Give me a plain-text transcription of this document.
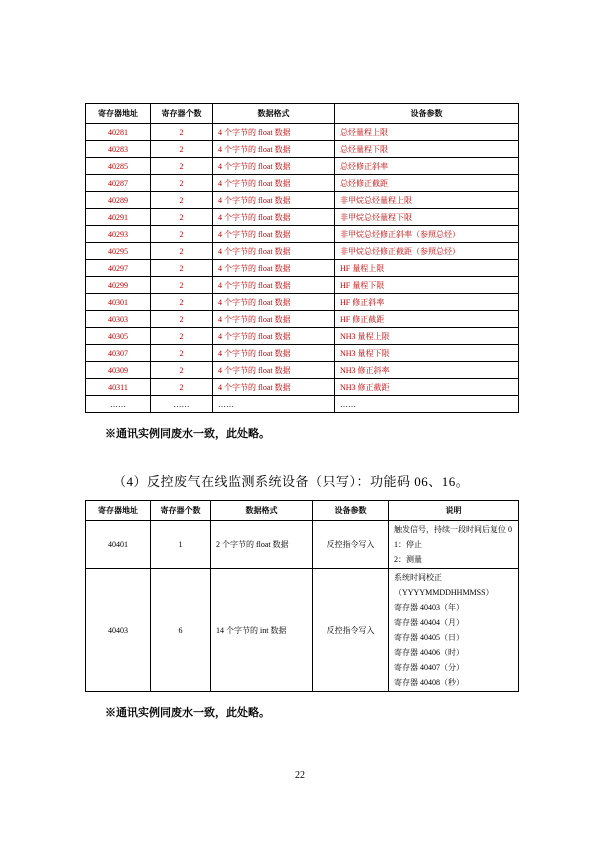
寄存器地址	寄存器个数	数据格式	设备参数
40281	2	4 个字节的 float 数据	总烃量程上限
40283	2	4 个字节的 float 数据	总烃量程下限
40285	2	4 个字节的 float 数据	总烃修正斜率
40287	2	4 个字节的 float 数据	总烃修正截距
40289	2	4 个字节的 float 数据	非甲烷总烃量程上限
40291	2	4 个字节的 float 数据	非甲烷总烃量程下限
40293	2	4 个字节的 float 数据	非甲烷总烃修正斜率（参照总烃）
40295	2	4 个字节的 float 数据	非甲烷总烃修正截距（参照总烃）
40297	2	4 个字节的 float 数据	HF 量程上限
40299	2	4 个字节的 float 数据	HF 量程下限
40301	2	4 个字节的 float 数据	HF 修正斜率
40303	2	4 个字节的 float 数据	HF 修正截距
40305	2	4 个字节的 float 数据	NH3 量程上限
40307	2	4 个字节的 float 数据	NH3 量程下限
40309	2	4 个字节的 float 数据	NH3 修正斜率
40311	2	4 个字节的 float 数据	NH3 修正截距
……	……	……	……
※通讯实例同废水一致，此处略。
（4）反控废气在线监测系统设备（只写）：功能码 06、16。
寄存器地址	寄存器个数	数据格式	设备参数	说明
40401	1	2 个字节的 float 数据	反控指令写入	触发信号，持续一段时间后复位 0
1：停止
2：测量

40403	6	14 个字节的 int 数据	反控指令写入	
系统时间校正（YYYYMMDDHHMMSS）
寄存器 40403（年）
寄存器 40404（月）
寄存器 40405（日）
寄存器 40406（时）
寄存器 40407（分）
寄存器 40408（秒）
※通讯实例同废水一致，此处略。
22
